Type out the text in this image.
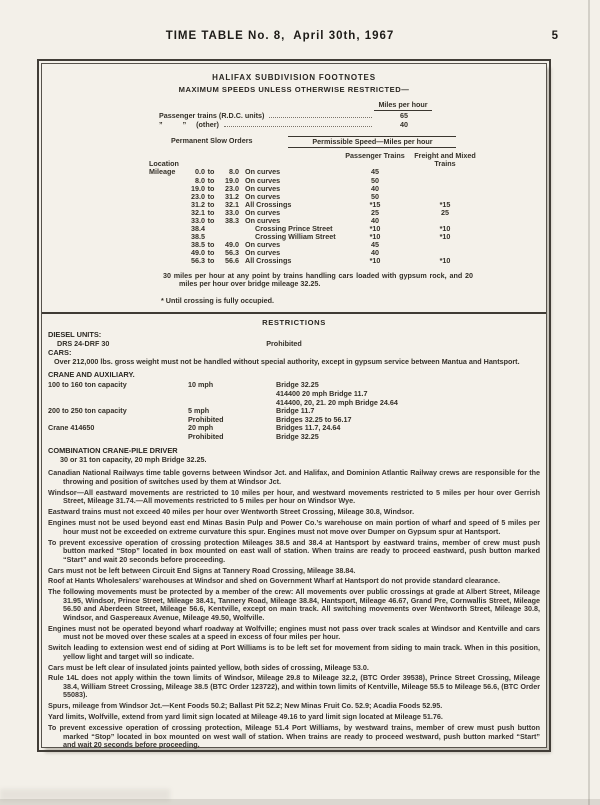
TIME TABLE No. 8,  April 30th, 1967	5
HALIFAX SUBDIVISION FOOTNOTES
MAXIMUM SPEEDS UNLESS OTHERWISE RESTRICTED—
Miles per hour
Passenger trains (R.D.C. units)	65
”          ”     (other)	40
Permanent Slow Orders	Permissible Speed—Miles per hour
Location
Passenger Trains	Freight and Mixed Trains
Mileage	0.0 to	8.0 On curves	45
8.0 to	19.0 On curves	50
19.0 to	23.0 On curves	40
23.0 to	31.2 On curves	50
31.2 to	32.1 All Crossings	*15	*15
32.1 to	33.0 On curves	25	25
33.0 to	38.3 On curves	40
38.4	Crossing Prince Street	*10	*10
38.5	Crossing William Street	*10	*10
38.5 to	49.0 On curves	45
49.0 to	56.3 On curves	40
56.3 to	56.6 All Crossings	*10	*10
30 miles per hour at any point by trains handling cars loaded with gypsum rock, and 20 miles per hour over bridge mileage 32.25.
* Until crossing is fully occupied.
RESTRICTIONS
DIESEL UNITS:
DRS 24-DRF 30	Prohibited
CARS:
Over 212,000 lbs. gross weight must not be handled without special authority, except in gypsum service between Mantua and Hantsport.
CRANE AND AUXILIARY.
100 to 160 ton capacity	10 mph	Bridge 32.25
414400 20 mph Bridge 11.7
414400, 20, 21. 20 mph Bridge 24.64
200 to 250 ton capacity	5 mph	Bridge 11.7
Prohibited	Bridges 32.25 to 56.17
Crane 414650	20 mph	Bridges 11.7, 24.64
Prohibited	Bridge 32.25
COMBINATION CRANE-PILE DRIVER
30 or 31 ton capacity, 20 mph Bridge 32.25.

Canadian National Railways time table governs between Windsor Jct. and Halifax, and Dominion Atlantic Railway crews are responsible for the throwing and position of switches used by them at Windsor Jct.

Windsor—All eastward movements are restricted to 10 miles per hour, and westward movements restricted to 5 miles per hour over Gerrish Street, Mileage 31.74.—All movements restricted to 5 miles per hour on Windsor Wye.

Eastward trains must not exceed 40 miles per hour over Wentworth Street Crossing, Mileage 30.8, Windsor.

Engines must not be used beyond east end Minas Basin Pulp and Power Co.’s warehouse on main portion of wharf and speed of 5 miles per hour must not be exceeded on extreme curvature this spur. Engines must not move over Dumper on Gypsum spur at Hantsport.

To prevent excessive operation of crossing protection Mileages 38.5 and 38.4 at Hantsport by eastward trains, member of crew must push button marked “Stop” located in box mounted on east wall of station. When trains are ready to proceed eastward, push button marked “Start” and wait 20 seconds before proceeding.

Cars must not be left between Circuit End Signs at Tannery Road Crossing, Mileage 38.84.

Roof at Hants Wholesalers’ warehouses at Windsor and shed on Government Wharf at Hantsport do not provide standard clearance.

The following movements must be protected by a member of the crew: All movements over public crossings at grade at Albert Street, Mileage 31.95, Windsor, Prince Street, Mileage 38.41, Tannery Road, Mileage 38.84, Hantsport, Mileage 46.67, Grand Pre, Cornwallis Street, Mileage 56.50 and Aberdeen Street, Mileage 56.6, Kentville, except on main track. All switching movements over Wentworth Street, Mileage 30.8, Windsor, and Gaspereaux Avenue, Mileage 49.50, Wolfville.

Engines must not be operated beyond wharf roadway at Wolfville; engines must not pass over track scales at Windsor and Kentville and cars must not be moved over these scales at a speed in excess of four miles per hour.

Switch leading to extension west end of siding at Port Williams is to be left set for movement from siding to main track. When in this position, yellow light and target will so indicate.

Cars must be left clear of insulated joints painted yellow, both sides of crossing, Mileage 53.0.

Rule 14L does not apply within the town limits of Windsor, Mileage 29.8 to Mileage 32.2, (BTC Order 39538), Prince Street Crossing, Mileage 38.4, William Street Crossing, Mileage 38.5 (BTC Order 123722), and within town limits of Kentville, Mileage 55.5 to Mileage 56.6, (BTC Order 55083).

Spurs, mileage from Windsor Jct.—Kent Foods 50.2; Ballast Pit 52.2; New Minas Fruit Co. 52.9; Acadia Foods 52.95.

Yard limits, Wolfville, extend from yard limit sign located at Mileage 49.16 to yard limit sign located at Mileage 51.76.

To prevent excessive operation of crossing protection, Mileage 51.4 Port Williams, by westward trains, member of crew must push button marked “Stop” located in box mounted on west wall of station. When trains are ready to proceed westward, push button marked “Start” and wait 20 seconds before proceeding.
